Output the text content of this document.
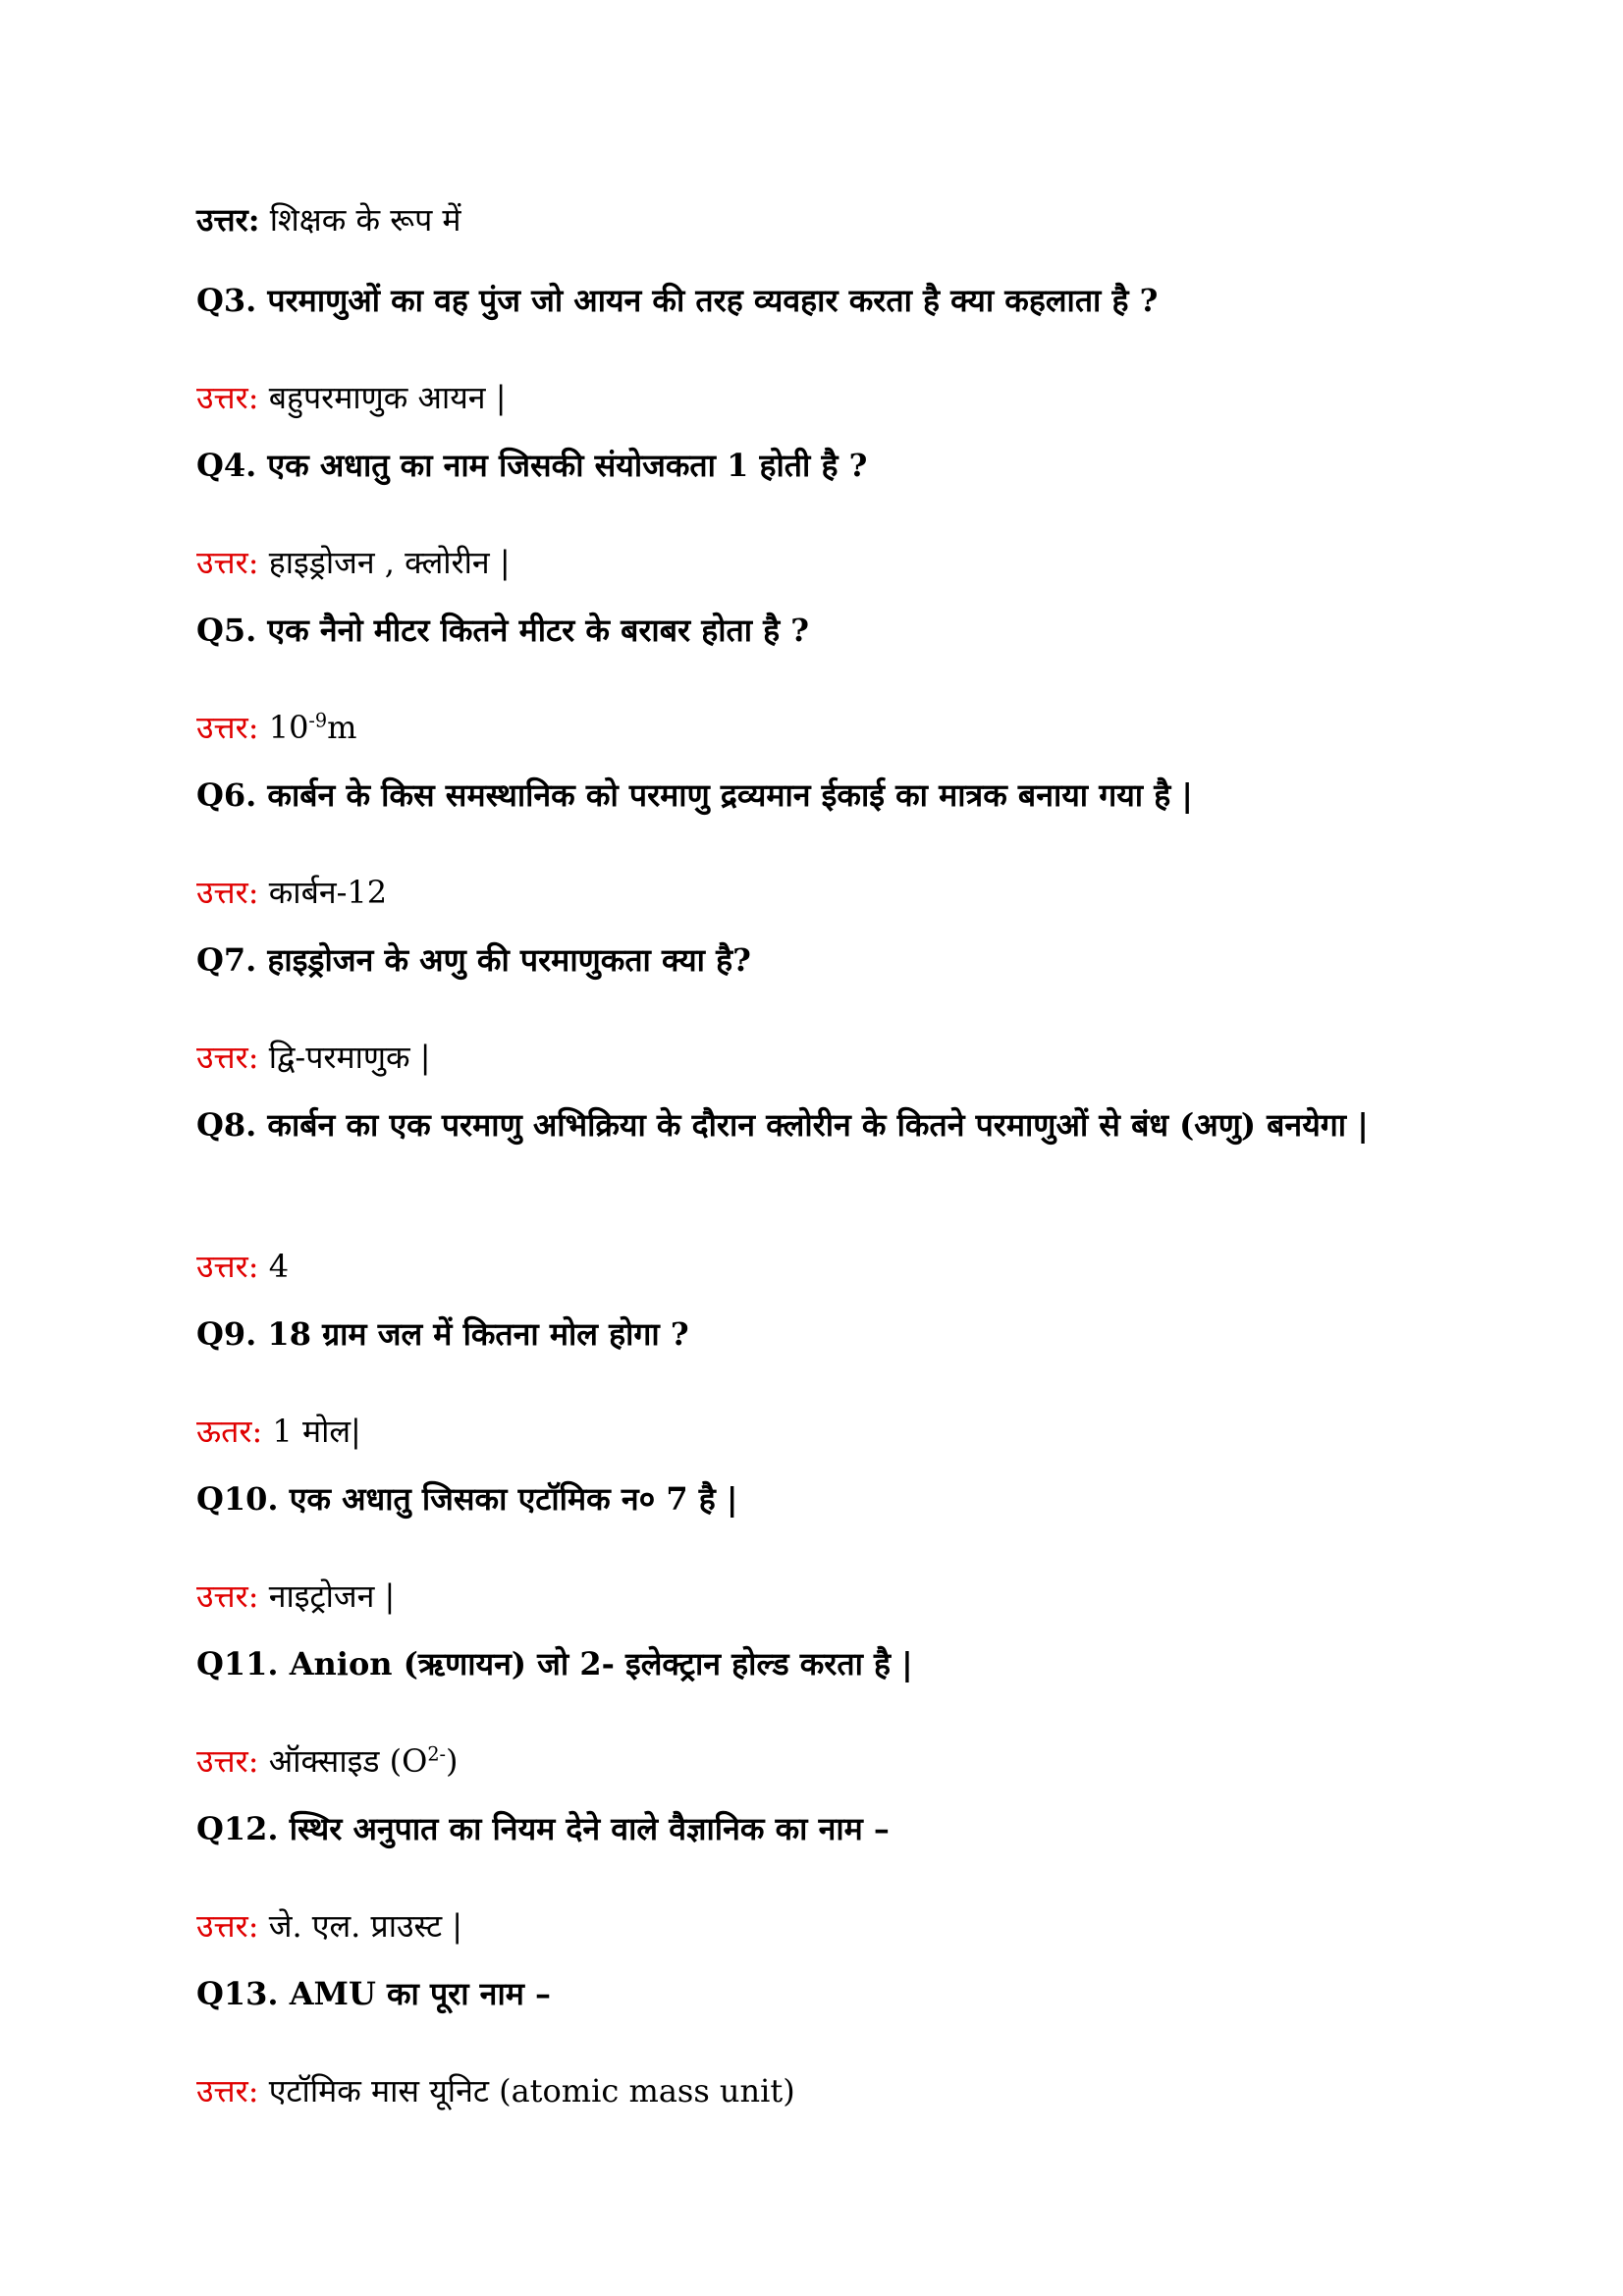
उत्तर: शिक्षक के रूप में

Q3. परमाणुओं का वह पुंज जो आयन की तरह व्यवहार करता है क्या कहलाता है ?

उत्तर: बहुपरमाणुक आयन |

Q4. एक अधातु का नाम जिसकी संयोजकता 1 होती है ?

उत्तर: हाइड्रोजन , क्लोरीन |

Q5. एक नैनो मीटर कितने मीटर के बराबर होता है ?

उत्तर: $10^{-9}m$

Q6. कार्बन के किस समस्थानिक को परमाणु द्रव्यमान ईकाई का मात्रक बनाया गया है |

उत्तर: कार्बन-12

Q7. हाइड्रोजन के अणु की परमाणुकता क्या है?

उत्तर: द्वि-परमाणुक |

Q8. कार्बन का एक परमाणु अभिक्रिया के दौरान क्लोरीन के कितने परमाणुओं से बंध (अणु) बनयेगा |

उत्तर: 4

Q9. 18 ग्राम जल में कितना मोल होगा ?

ऊतर: 1 मोल|

Q10. एक अधातु जिसका एटॉमिक न० 7 है |

उत्तर: नाइट्रोजन |

Q11. Anion (ऋणायन) जो 2- इलेक्ट्रान होल्ड करता है |

उत्तर: ऑक्साइड $(O^{2-})$

Q12. स्थिर अनुपात का नियम देने वाले वैज्ञानिक का नाम –

उत्तर: जे. एल. प्राउस्ट |

Q13. AMU का पूरा नाम –

उत्तर: एटॉमिक मास यूनिट (atomic mass unit)
